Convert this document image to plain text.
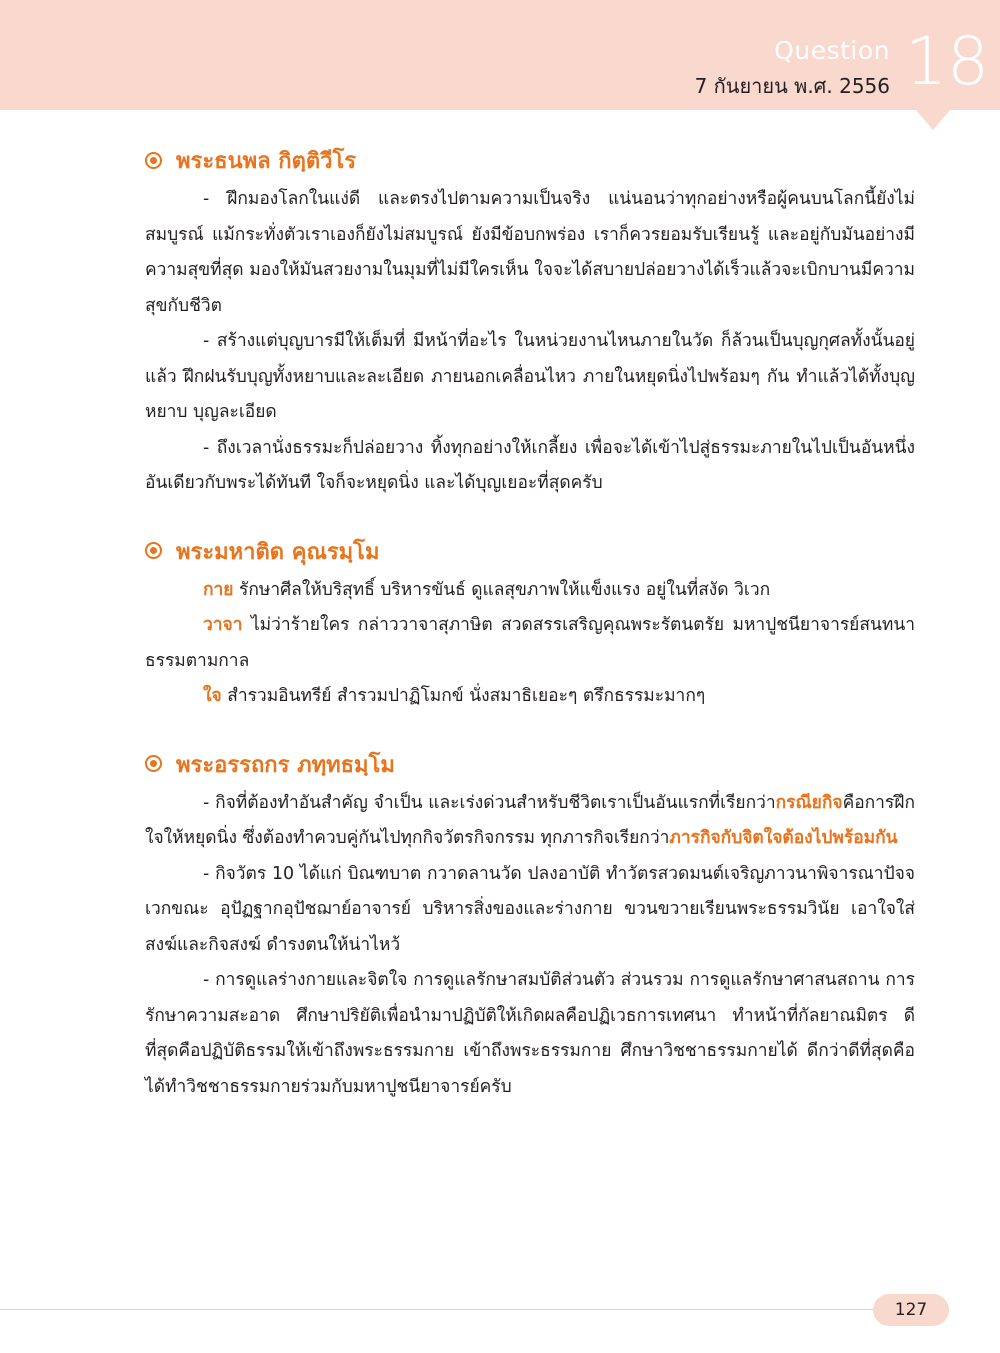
Question
7 กันยายน พ.ศ. 2556 18
พระธนพล กิตฺติวีโร

- ฝึกมองโลกในแง่ดี และตรงไปตามความเป็นจริง แน่นอนว่าทุกอย่างหรือผู้คนบนโลกนี้ยังไม่สมบูรณ์ แม้กระทั่งตัวเราเองก็ยังไม่สมบูรณ์ ยังมีข้อบกพร่อง เราก็ควรยอมรับเรียนรู้ และอยู่กับมันอย่างมีความสุขที่สุด มองให้มันสวยงามในมุมที่ไม่มีใครเห็น ใจจะได้สบายปล่อยวางได้เร็วแล้วจะเบิกบานมีความสุขกับชีวิต

- สร้างแต่บุญบารมีให้เต็มที่ มีหน้าที่อะไร ในหน่วยงานไหนภายในวัด ก็ล้วนเป็นบุญกุศลทั้งนั้นอยู่แล้ว ฝึกฝนรับบุญทั้งหยาบและละเอียด ภายนอกเคลื่อนไหว ภายในหยุดนิ่งไปพร้อมๆ กัน ทำแล้วได้ทั้งบุญหยาบ บุญละเอียด

- ถึงเวลานั่งธรรมะก็ปล่อยวาง ทิ้งทุกอย่างให้เกลี้ยง เพื่อจะได้เข้าไปสู่ธรรมะภายในไปเป็นอันหนึ่งอันเดียวกับพระได้ทันที ใจก็จะหยุดนิ่ง และได้บุญเยอะที่สุดครับ

พระมหาติด คุณรมฺโม

กาย รักษาศีลให้บริสุทธิ์ บริหารขันธ์ ดูแลสุขภาพให้แข็งแรง อยู่ในที่สงัด วิเวก

วาจา ไม่ว่าร้ายใคร กล่าววาจาสุภาษิต สวดสรรเสริญคุณพระรัตนตรัย มหาปูชนียาจารย์สนทนาธรรมตามกาล

ใจ สำรวมอินทรีย์ สำรวมปาฏิโมกข์ นั่งสมาธิเยอะๆ ตรึกธรรมะมากๆ

พระอรรถกร ภทฺทธมฺโม

- กิจที่ต้องทำอันสำคัญ จำเป็น และเร่งด่วนสำหรับชีวิตเราเป็นอันแรกที่เรียกว่ากรณียกิจคือการฝึกใจให้หยุดนิ่ง ซึ่งต้องทำควบคู่กันไปทุกกิจวัตรกิจกรรม ทุกภารกิจเรียกว่าภารกิจกับจิตใจต้องไปพร้อมกัน

- กิจวัตร 10 ได้แก่ บิณฑบาต กวาดลานวัด ปลงอาบัติ ทำวัตรสวดมนต์เจริญภาวนาพิจารณาปัจจเวกขณะ อุปัฏฐากอุปัชฌาย์อาจารย์ บริหารสิ่งของและร่างกาย ขวนขวายเรียนพระธรรมวินัย เอาใจใส่สงฆ์และกิจสงฆ์ ดำรงตนให้น่าไหว้

- การดูแลร่างกายและจิตใจ การดูแลรักษาสมบัติส่วนตัว ส่วนรวม การดูแลรักษาศาสนสถาน การรักษาความสะอาด ศึกษาปริยัติเพื่อนำมาปฏิบัติให้เกิดผลคือปฏิเวธการเทศนา ทำหน้าที่กัลยาณมิตร ดีที่สุดคือปฏิบัติธรรมให้เข้าถึงพระธรรมกาย เข้าถึงพระธรรมกาย ศึกษาวิชชาธรรมกายได้ ดีกว่าดีที่สุดคือได้ทำวิชชาธรรมกายร่วมกับมหาปูชนียาจารย์ครับ

127
